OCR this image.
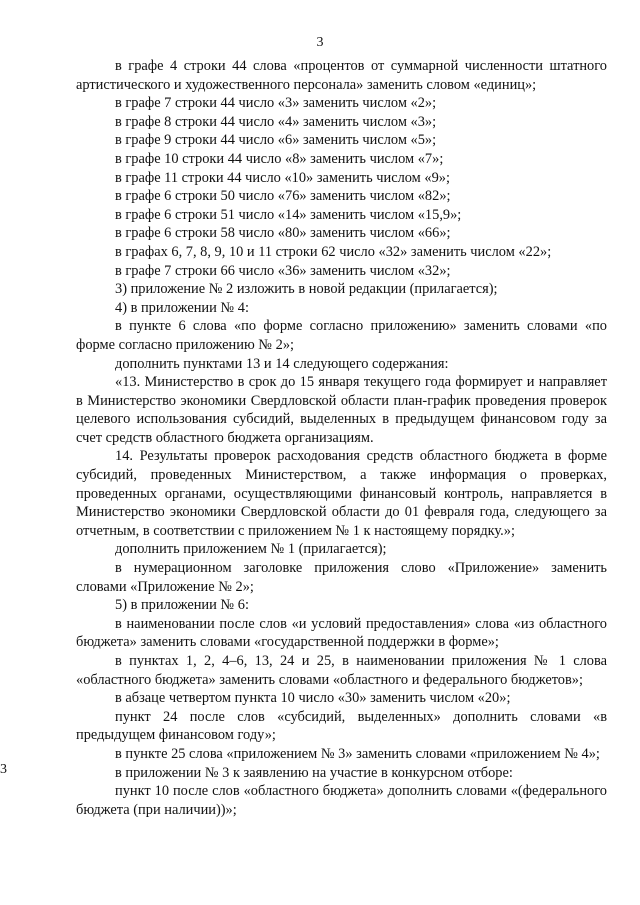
3

в графе 4 строки 44 слова «процентов от суммарной численности штатного артистического и художественного персонала» заменить словом «единиц»;

в графе 7 строки 44 число «3» заменить числом «2»;

в графе 8 строки 44 число «4» заменить числом «3»;

в графе 9 строки 44 число «6» заменить числом «5»;

в графе 10 строки 44 число «8» заменить числом «7»;

в графе 11 строки 44 число «10» заменить числом «9»;

в графе 6 строки 50 число «76» заменить числом «82»;

в графе 6 строки 51 число «14» заменить числом «15,9»;

в графе 6 строки 58 число «80» заменить числом «66»;

в графах 6, 7, 8, 9, 10 и 11 строки 62 число «32» заменить числом «22»;

в графе 7 строки 66 число «36» заменить числом «32»;

3) приложение № 2 изложить в новой редакции (прилагается);

4) в приложении № 4:

в пункте 6 слова «по форме согласно приложению» заменить словами «по форме согласно приложению № 2»;

дополнить пунктами 13 и 14 следующего содержания:

«13. Министерство в срок до 15 января текущего года формирует и направляет в Министерство экономики Свердловской области план-график проведения проверок целевого использования субсидий, выделенных в предыдущем финансовом году за счет средств областного бюджета организациям.

14. Результаты проверок расходования средств областного бюджета в форме субсидий, проведенных Министерством, а также информация о проверках, проведенных органами, осуществляющими финансовый контроль, направляется в Министерство экономики Свердловской области до 01 февраля года, следующего за отчетным, в соответствии с приложением № 1 к настоящему порядку.»;

дополнить приложением № 1 (прилагается);

в нумерационном заголовке приложения слово «Приложение» заменить словами «Приложение № 2»;

5) в приложении № 6:

в наименовании после слов «и условий предоставления» слова «из областного бюджета» заменить словами «государственной поддержки в форме»;

в пунктах 1, 2, 4–6, 13, 24 и 25, в наименовании приложения № 1 слова «областного бюджета» заменить словами «областного и федерального бюджетов»;

в абзаце четвертом пункта 10 число «30» заменить числом «20»;

пункт 24 после слов «субсидий, выделенных» дополнить словами «в предыдущем финансовом году»;

в пункте 25 слова «приложением № 3» заменить словами «приложением № 4»;

в приложении № 3 к заявлению на участие в конкурсном отборе:

пункт 10 после слов «областного бюджета» дополнить словами «(федерального бюджета (при наличии))»;

3
